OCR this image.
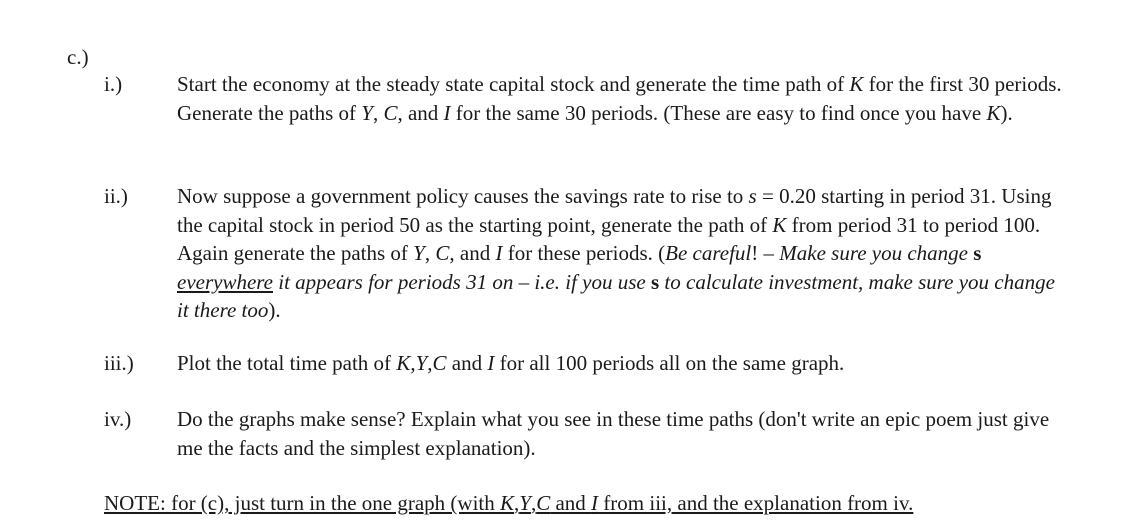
c.)
i.)	Start the economy at the steady state capital stock and generate the time path of K for the first 30 periods. Generate the paths of Y, C, and I for the same 30 periods. (These are easy to find once you have K).
ii.) Now suppose a government policy causes the savings rate to rise to s = 0.20 starting in period 31. Using the capital stock in period 50 as the starting point, generate the path of K from period 31 to period 100. Again generate the paths of Y, C, and I for these periods. (Be careful! – Make sure you change s everywhere it appears for periods 31 on – i.e. if you use s to calculate investment, make sure you change it there too).
iii.) Plot the total time path of K,Y,C and I for all 100 periods all on the same graph.
iv.) Do the graphs make sense? Explain what you see in these time paths (don't write an epic poem just give me the facts and the simplest explanation).
NOTE: for (c), just turn in the one graph (with K,Y,C and I from iii, and the explanation from iv.
